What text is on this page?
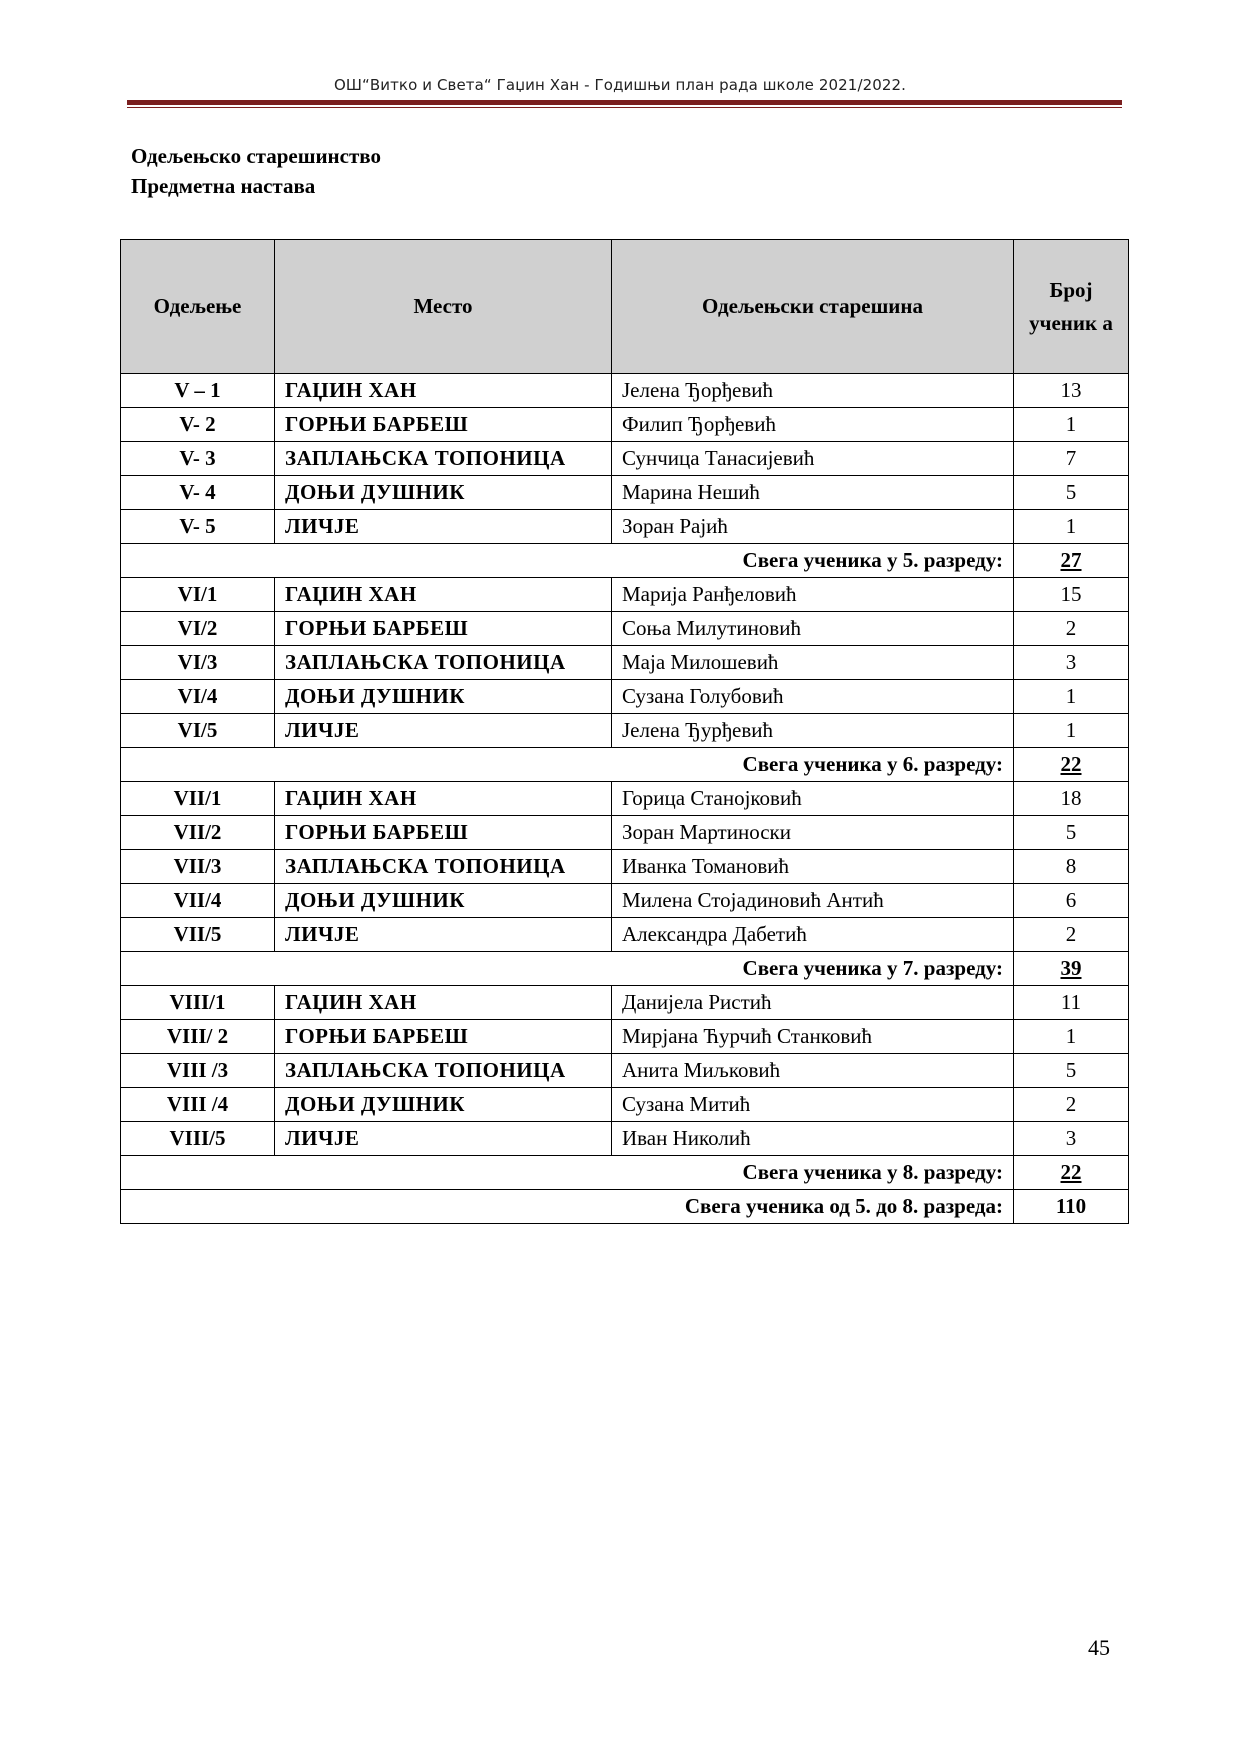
ОШ“Витко и Света“ Гаџин Хан - Годишњи план рада школе 2021/2022.
Одељењско старешинство
Предметна настава
Одељење	Место	Одељењски старешина	Број ученик а
V – 1	ГАЏИН ХАН	Јелена Ђорђевић	13
V- 2	ГОРЊИ БАРБЕШ	Филип Ђорђевић	1
V- 3	ЗАПЛАЊСКА ТОПОНИЦА	Сунчица Танасијевић	7
V- 4	ДОЊИ ДУШНИК	Марина Нешић	5
V- 5	ЛИЧЈЕ	Зоран Рајић	1
Свега ученика у 5. разреду:			27
VI/1	ГАЏИН ХАН	Марија Ранђеловић	15
VI/2	ГОРЊИ БАРБЕШ	Соња Милутиновић	2
VI/3	ЗАПЛАЊСКА ТОПОНИЦА	Маја Милошевић	3
VI/4	ДОЊИ ДУШНИК	Сузана Голубовић	1
VI/5	ЛИЧЈЕ	Јелена Ђурђевић	1
Свега ученика у 6. разреду:			22
VII/1	ГАЏИН ХАН	Горица Станојковић	18
VII/2	ГОРЊИ БАРБЕШ	Зоран Мартиноски	5
VII/3	ЗАПЛАЊСКА ТОПОНИЦА	Иванка Томановић	8
VII/4	ДОЊИ ДУШНИК	Милена Стојадиновић Антић	6
VII/5	ЛИЧЈЕ	Александра Дабетић	2
Свега ученика у 7. разреду:			39
VIII/1	ГАЏИН ХАН	Данијела Ристић	11
VIII/ 2	ГОРЊИ БАРБЕШ	Мирјана Ћурчић Станковић	1
VIII /3	ЗАПЛАЊСКА ТОПОНИЦА	Анита Миљковић	5
VIII /4	ДОЊИ ДУШНИК	Сузана Митић	2
VIII/5	ЛИЧЈЕ	Иван Николић	3
Свега ученика у 8. разреду:			22
Свега ученика од 5. до 8. разреда:			110
45
